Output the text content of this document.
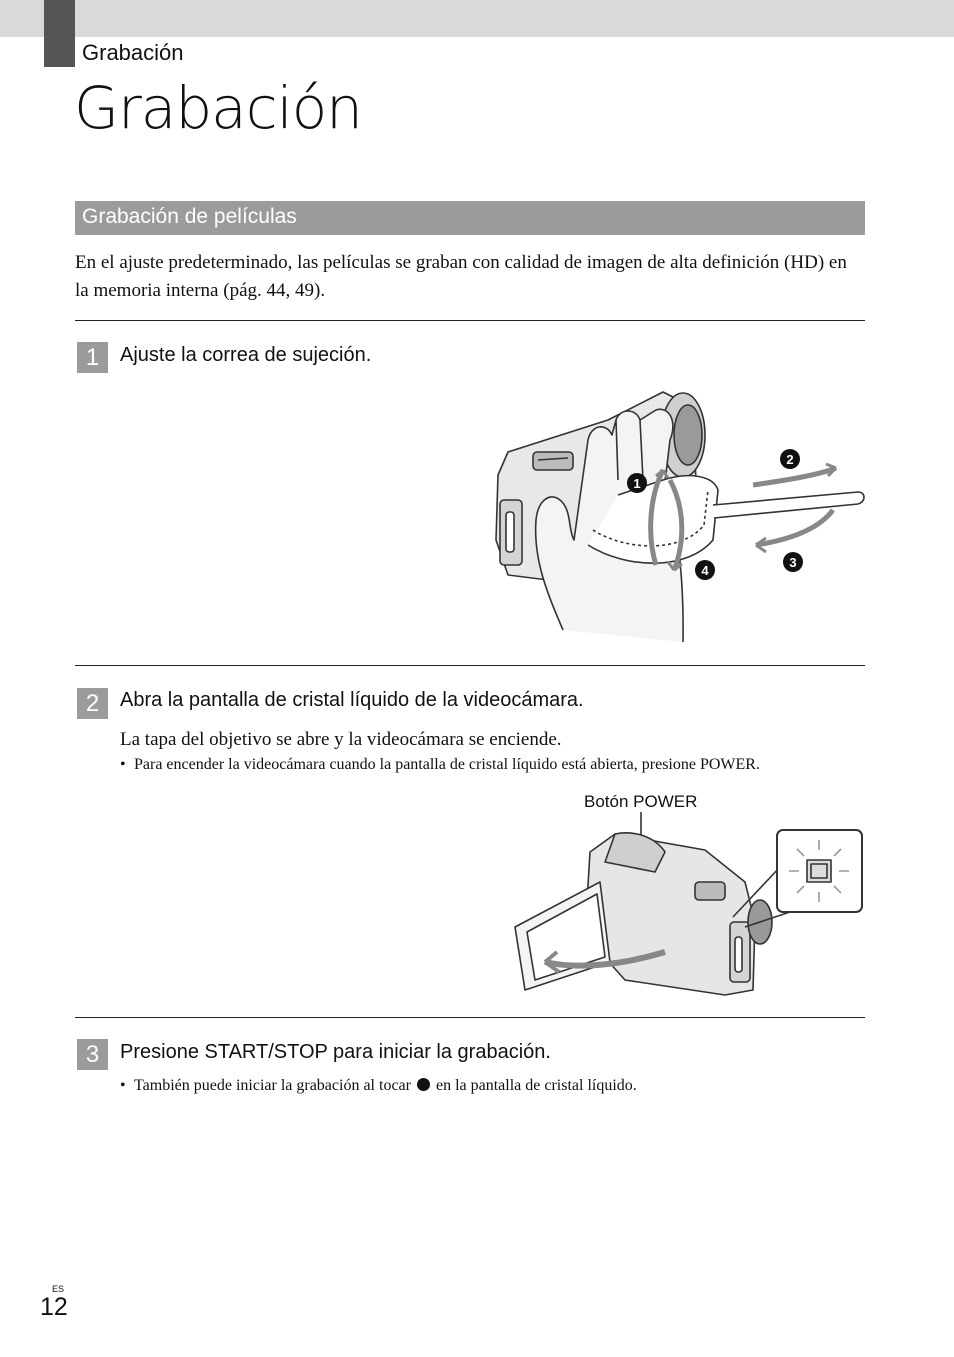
Grabación
Grabación
Grabación de películas

En el ajuste predeterminado, las películas se graban con calidad de imagen de alta definición (HD) en la memoria interna (pág. 44, 49).

1	Ajuste la correa de sujeción.
1
2
3
4
2	Abra la pantalla de cristal líquido de la videocámara.
La tapa del objetivo se abre y la videocámara se enciende.
• Para encender la videocámara cuando la pantalla de cristal líquido está abierta, presione POWER.
Botón POWER
3	Presione START/STOP para iniciar la grabación.
• También puede iniciar la grabación al tocar en la pantalla de cristal líquido.
ES
12
